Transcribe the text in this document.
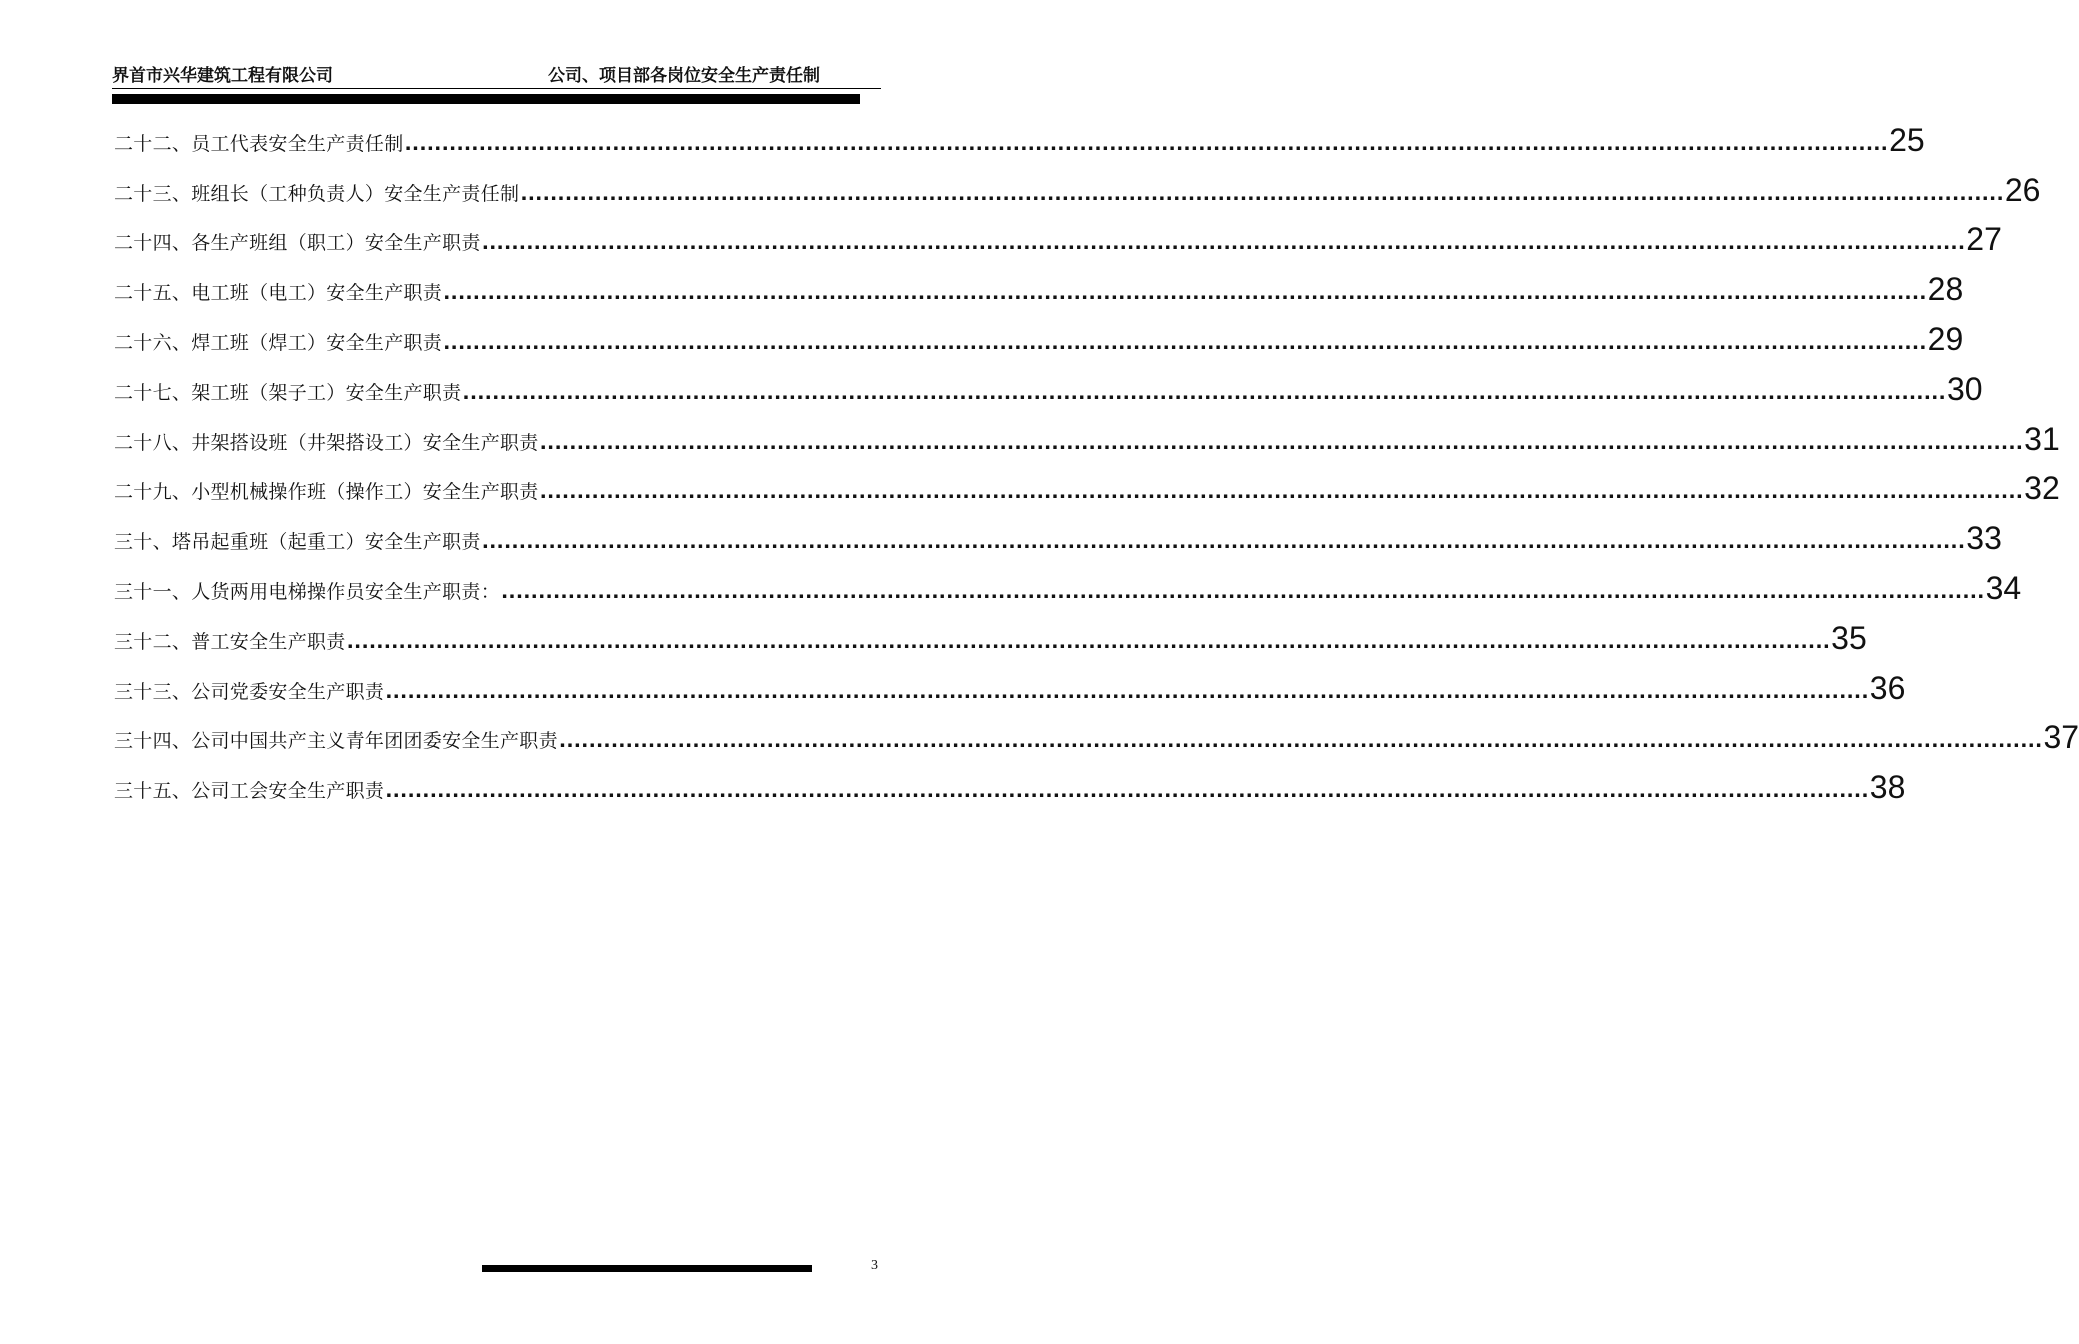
界首市兴华建筑工程有限公司	公司、项目部各岗位安全生产责任制
二十二、员工代表安全生产责任制 ........................................................................................................................................................................................................ 25
二十三、班组长（工种负责人）安全生产责任制 ........................................................................................................................................................................................................ 26
二十四、各生产班组（职工）安全生产职责 ........................................................................................................................................................................................................ 27
二十五、电工班（电工）安全生产职责 ........................................................................................................................................................................................................ 28
二十六、焊工班（焊工）安全生产职责 ........................................................................................................................................................................................................ 29
二十七、架工班（架子工）安全生产职责 ........................................................................................................................................................................................................ 30
二十八、井架搭设班（井架搭设工）安全生产职责 ........................................................................................................................................................................................................ 31
二十九、小型机械操作班（操作工）安全生产职责 ........................................................................................................................................................................................................ 32
三十、塔吊起重班（起重工）安全生产职责 ........................................................................................................................................................................................................ 33
三十一、人货两用电梯操作员安全生产职责： ........................................................................................................................................................................................................ 34
三十二、普工安全生产职责 ........................................................................................................................................................................................................ 35
三十三、公司党委安全生产职责 ........................................................................................................................................................................................................ 36
三十四、公司中国共产主义青年团团委安全生产职责 ........................................................................................................................................................................................................ 37
三十五、公司工会安全生产职责 ........................................................................................................................................................................................................ 38
3
